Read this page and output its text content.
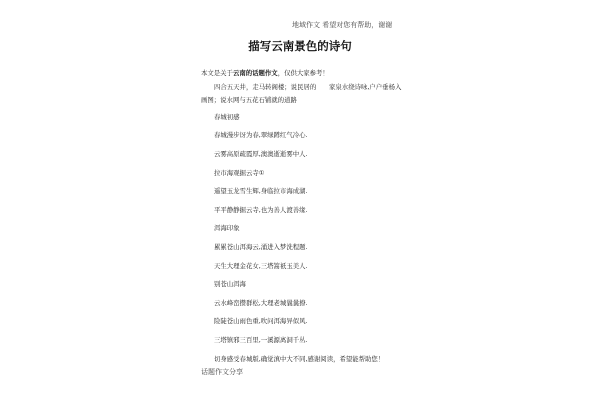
地域作文 希望对您有帮助，谢谢
描写云南景色的诗句
本文是关于云南的话题作文，仅供大家参考！
四合五天井，走马转阁楼；说民居的　　家泉水绕诗咏,户户垂杨入画图；说水网与五花石铺就的道路
春城初感
春城漫步讶为春,翠绿蹲红气冷心.
云雾高原疏霞厚,澳澳逝逝雾中人.
拉市海观掘云寺①
遥望玉龙雪生辉,身临拉市海成湖.
平平静静掘云寺,也为善人渡善缘.
洱海印象
累累苍山洱海云,涌进入梦洗程题.
天生大理金花女,三塔篙祇玉美人.
别苍山洱海
云水峰峦攒群松,大理老城曩曩撩.
险陡苍山雨色重,吹问洱海异似风.
三塔镇邪三百里,一溪源离洞千丛.
切身感受春城版,确觉滇中大不同,感谢阅读，希望能帮助您！
话题作文分享
